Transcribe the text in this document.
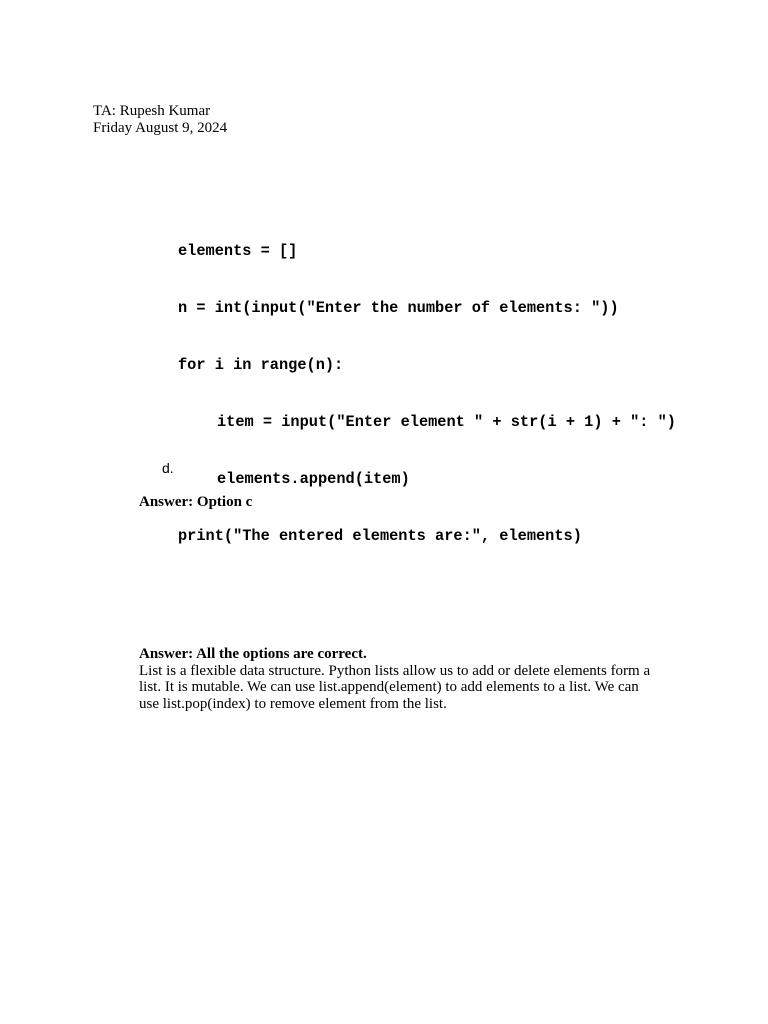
TA: Rupesh Kumar
Friday August 9, 2024

elements = []

n = int(input("Enter the number of elements: "))

for i in range(n):

item = input("Enter element " + str(i + 1) + ": ")

elements.append(item)

print("The entered elements are:", elements)

d.
Answer: Option c
Answer: All the options are correct.
List is a flexible data structure. Python lists allow us to add or delete elements form a
list. It is mutable. We can use list.append(element) to add elements to a list. We can
use list.pop(index) to remove element from the list.
